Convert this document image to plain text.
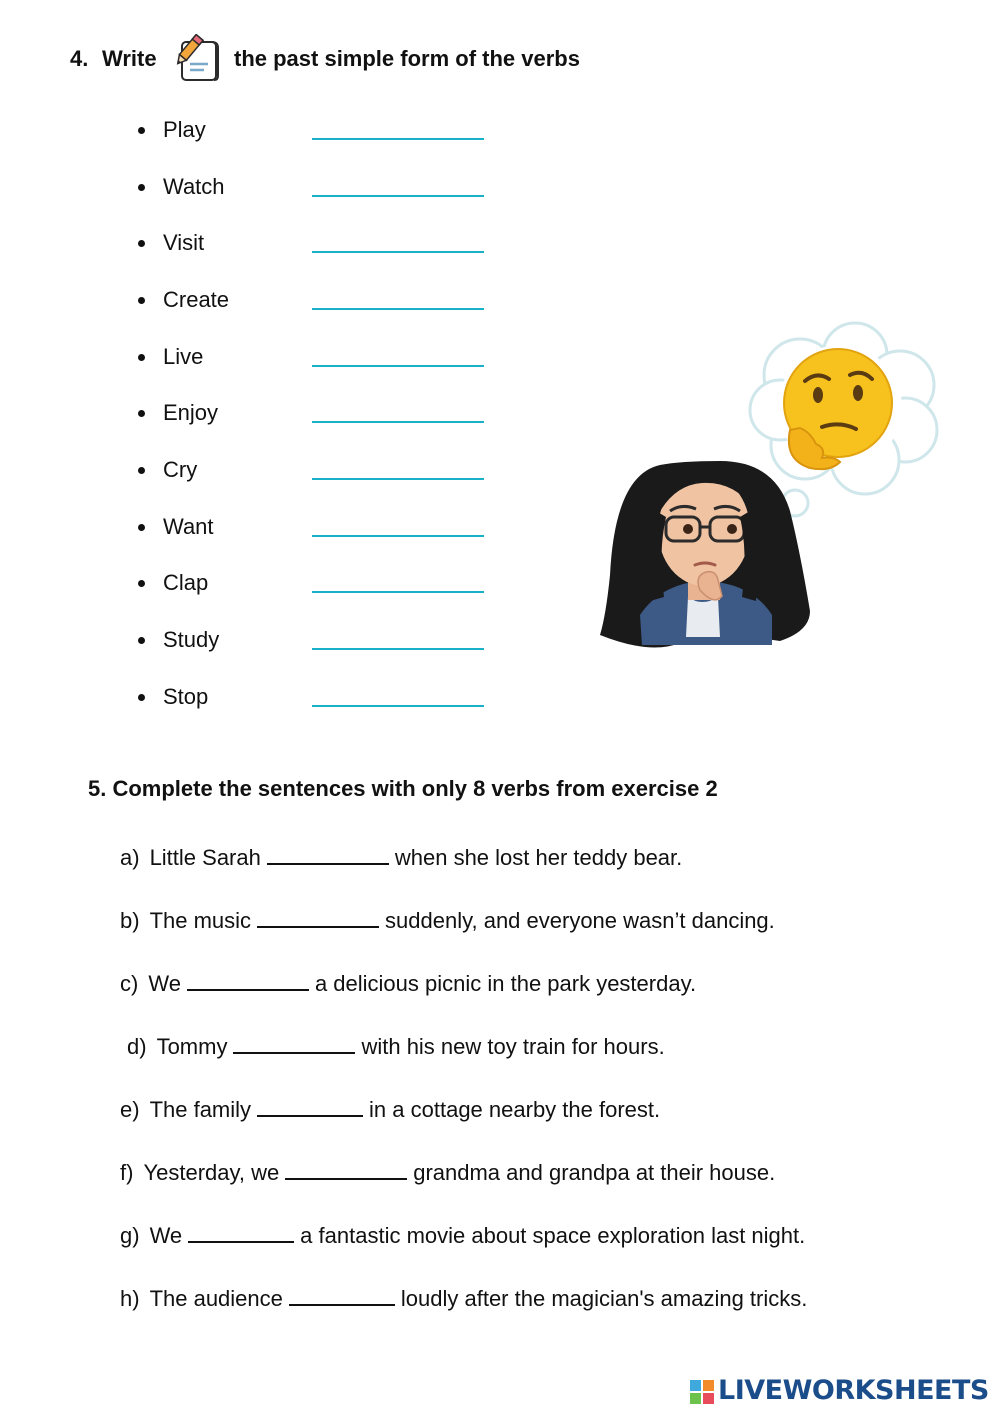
4. Write	the past simple form of the verbs
Play
Watch
Visit
Create
Live
Enjoy
Cry
Want
Clap
Study
Stop
5. Complete the sentences with only 8 verbs from exercise 2
a) Little Sarah	when she lost her teddy bear.
b) The music	suddenly, and everyone wasn’t dancing.
c) We	a delicious picnic in the park yesterday.
d) Tommy	with his new toy train for hours.
e) The family	in a cottage nearby the forest.
f) Yesterday, we	grandma and grandpa at their house.
g) We	a fantastic movie about space exploration last night.
h) The audience	loudly after the magician's amazing tricks.
LIVEWORKSHEETS
